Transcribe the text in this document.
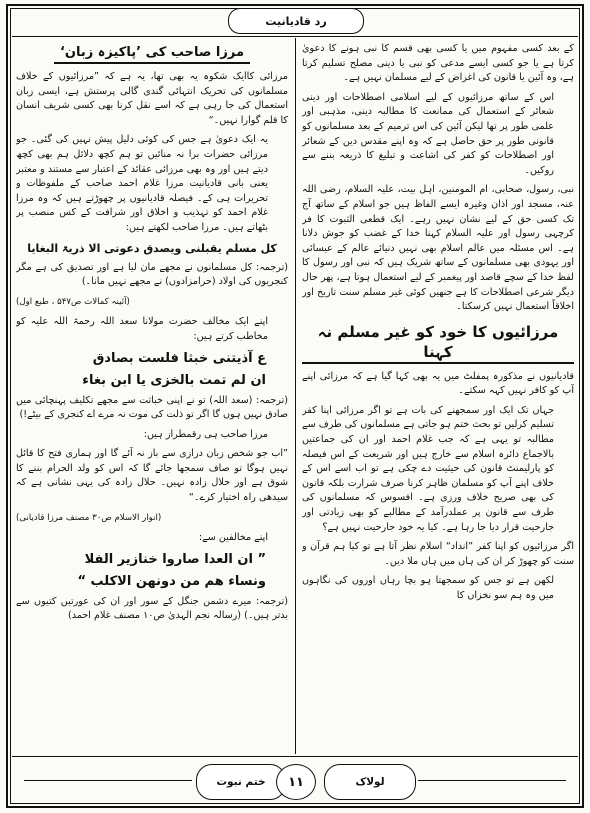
رد قادیانیت

کے بعد کسی مفہوم میں یا کسی بھی قسم کا نبی ہونے کا دعویٰ کرتا ہے یا جو کسی ایسے مدعی کو نبی یا دینی مصلح تسلیم کرتا ہے، وہ آئین یا قانون کی اغراض کے لیے مسلمان نہیں ہے۔

اس کے ساتھ مرزائیوں کے لیے اسلامی اصطلاحات اور دینی شعائر کے استعمال کی ممانعت کا مطالبہ دینی، مذہبی اور علمی طور پر تھا لیکن آئین کی اس ترمیم کے بعد مسلمانوں کو قانونی طور پر حق حاصل ہے کہ وہ اپنے مقدس دین کے شعائر اور اصطلاحات کو کفر کی اشاعت و تبلیغ کا ذریعہ بننے سے روکیں۔

نبی، رسول، صحابی، ام المومنین، اہل بیت، علیہ السلام، رضی اللہ عنہ، مسجد اور اذان وغیرہ ایسے الفاظ ہیں جو اسلام کے ساتھ آج تک کسی حق کے لیے نشان نہیں رہے۔ ایک قطعی الثبوت کا فر کرچہی رسول اور علیہ السلام کہنا خدا کے غضب کو جوش دلانا ہے۔ اس مسئلہ میں عالم اسلام بھی نہیں دنیائے عالم کے عیسائی اور یہودی بھی مسلمانوں کے ساتھ شریک ہیں کہ نبی اور رسول کا لفظ خدا کے سچے قاصد اور پیغمبر کے لیے استعمال ہوتا ہے، پھر حال دیگر شرعی اصطلاحات کا ہے جنھیں کوئی غیر مسلم سنت تاریخ اور اخلاقاً استعمال نہیں کرسکتا۔

مرزائیوں کا خود کو غیر مسلم نہ کہنا

قادیانیوں نے مذکورہ پمفلٹ میں یہ بھی کہا گیا ہے کہ مرزائی اپنے آپ کو کافر نہیں کہہ سکتے۔

جہاں تک ایک اور سمجھنے کی بات ہے تو اگر مرزائی اپنا کفر تسلیم کرلیں تو بحث ختم ہو جاتی ہے مسلمانوں کی طرف سے مطالبہ تو یہی ہے کہ جب غلام احمد اور ان کی جماعتیں بالاجماع دائرہ اسلام سے خارج ہیں اور شریعت کے اس فیصلہ کو پارلیمنٹ قانون کی حیثیت دے چکی ہے تو اب اسے اس کے خلاف اپنے آپ کو مسلمان ظاہر کرنا صرف شرارت بلکہ قانون کی بھی صریح خلاف ورزی ہے۔ افسوس کہ مسلمانوں کی طرف سے قانون پر عملدرآمد کے مطالبے کو بھی زیادتی اور جارحیت قرار دیا جا رہا ہے۔ کیا یہ خود جارحیت نہیں ہے؟

اگر مرزائیوں کو اپنا کفر ”انداد“ اسلام نظر آتا ہے تو کیا ہم قرآن و سنت کو چھوڑ کر ان کی ہاں میں ہاں ملا دیں۔

لکھن ہے تو جس کو سمجھتا ہو بچا رہاں اوروں کی نگاہوں میں وہ ہم سو نخزاں کا

مرزا صاحب کی ’پاکیزہ زبان‘

مرزائی کاایک شکوہ یہ بھی تھا، یہ ہے کہ ”مرزائیوں کے خلاف مسلمانوں کی تحریک انتہائی گندی گالی پرستش ہے، ایسی زبان استعمال کی جا رہی ہے کہ اسے نقل کرنا بھی کسی شریف انسان کا قلم گوارا نہیں۔“

یہ ایک دعویٰ ہے جس کی کوئی دلیل پیش نہیں کی گئی۔ جو مرزائی حضرات برا نہ منائیں تو ہم کچھ دلائل ہم بھی کچھ دیتے ہیں اور وہ بھی مرزائی عقائد کے اعتبار سے مستند و معتبر یعنی بانی قادیانیت مرزا غلام احمد صاحب کے ملفوظات و تحریرات ہی کے۔ فیصلہ قادیانیوں پر چھوڑتے ہیں کہ وہ مرزا غلام احمد کو تہذیب و اخلاق اور شرافت کے کس منصب پر بٹھاتے ہیں۔ مرزا صاحب لکھتے ہیں:

کل مسلم یقبلنی ویصدق دعوتی الا ذریۃ البغایا

(ترجمہ: کل مسلمانوں نے مجھے مان لیا ہے اور تصدیق کی ہے مگر کنجریوں کی اولاد (حرامزادوں) نے مجھے نہیں مانا۔)

(آئینہ کمالات ص۵۴۷ ، طبع اول)

اپنے ایک مخالف حضرت مولانا سعد اللہ رحمۃ اللہ علیہ کو مخاطب کرتے ہیں:

ع آذیتنی خبثا فلست بصادق
ان لم تمت بالخزی یا ابن بغاء

(ترجمہ: (سعد اللہ) تو نے اپنی خباثت سے مجھے تکلیف پہنچائی میں صادق نہیں ہوں گا اگر تو ذلت کی موت نہ مرے اے کنجری کے بیٹے!)

مرزا صاحب ہی رقمطراز ہیں:

”اب جو شخص زبان درازی سے باز نہ آئے گا اور ہماری فتح کا قائل نہیں ہوگا تو صاف سمجھا جائے گا کہ اس کو ولد الحرام بننے کا شوق ہے اور حلال زادہ نہیں۔ حلال زادہ کی یہی نشانی ہے کہ سیدھی راہ اختیار کرے۔“

(انوار الاسلام ص۳۰ مصنف مرزا قادیانی)

اپنے مخالفین سے:

” ان العدا صاروا خنازیر الفلا
ونساء ھم من دونھن الاکلب “

(ترجمہ: میرے دشمن جنگل کے سور اور ان کی عورتیں کتیوں سے بدتر ہیں۔) (رسالہ نجم الہدیٰ ص۱۰ مصنف غلام احمد)

ختم نبوت ۱۱	لولاک
